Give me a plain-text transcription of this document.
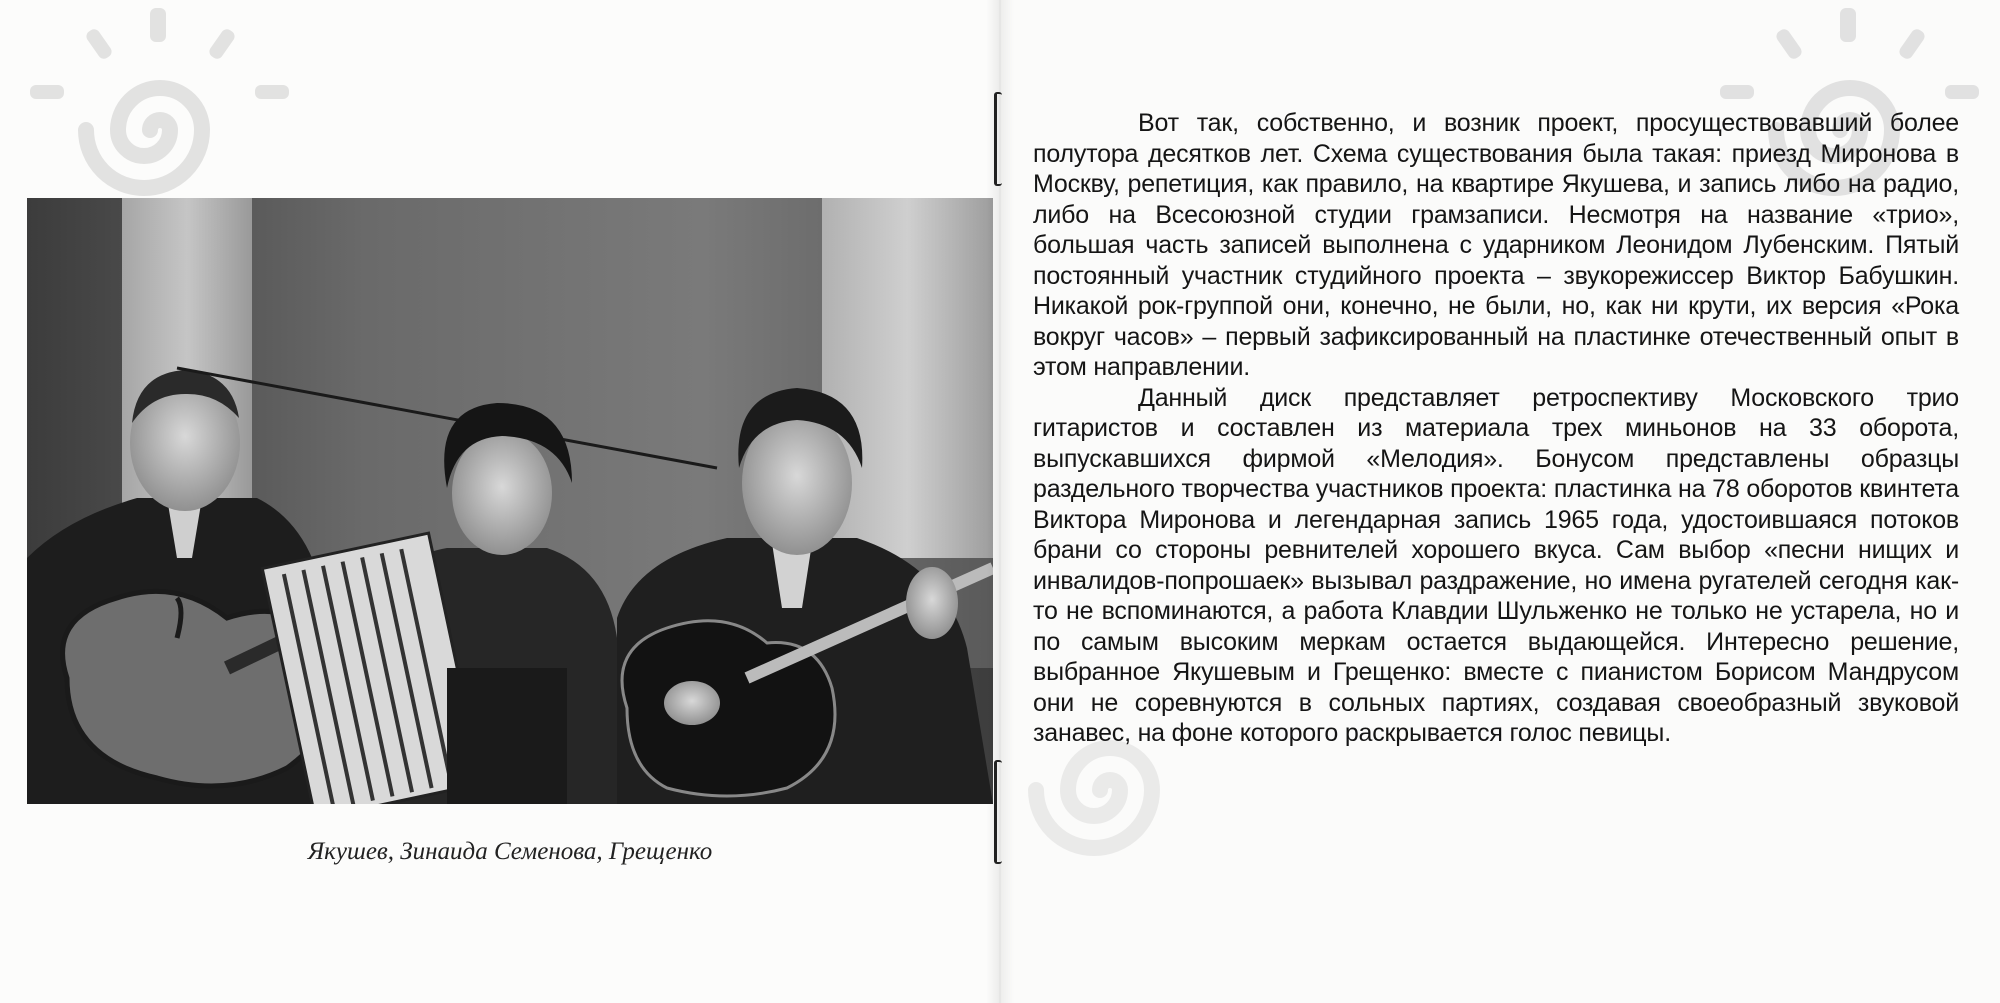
Якушев, Зинаида Семенова, Грещенко

Вот так, собственно, и возник проект, просуществовавший более полутора десятков лет. Схема существования была такая: приезд Миронова в Москву, репетиция, как правило, на квартире Якушева, и запись либо на радио, либо на Всесоюзной студии грамзаписи. Несмотря на название «трио», большая часть записей выполнена с ударником Леонидом Лубенским. Пятый постоянный участник студийного проекта – звукорежиссер Виктор Бабушкин. Никакой рок-группой они, конечно, не были, но, как ни крути, их версия «Рока вокруг часов» – первый зафиксированный на пластинке отечественный опыт в этом направлении.

Данный диск представляет ретроспективу Московского трио гитаристов и составлен из материала трех миньонов на 33 оборота, выпускавшихся фирмой «Мелодия». Бонусом представлены образцы раздельного творчества участников проекта: пластинка на 78 оборотов квинтета Виктора Миронова и легендарная запись 1965 года, удостоившаяся потоков брани со стороны ревнителей хорошего вкуса. Сам выбор «песни нищих и инвалидов-попрошаек» вызывал раздражение, но имена ругателей сегодня как-то не вспоминаются, а работа Клавдии Шульженко не только не устарела, но и по самым высоким меркам остается выдающейся. Интересно решение, выбранное Якушевым и Грещенко: вместе с пианистом Борисом Мандрусом они не соревнуются в сольных партиях, создавая своеобразный звуковой занавес, на фоне которого раскрывается голос певицы.
